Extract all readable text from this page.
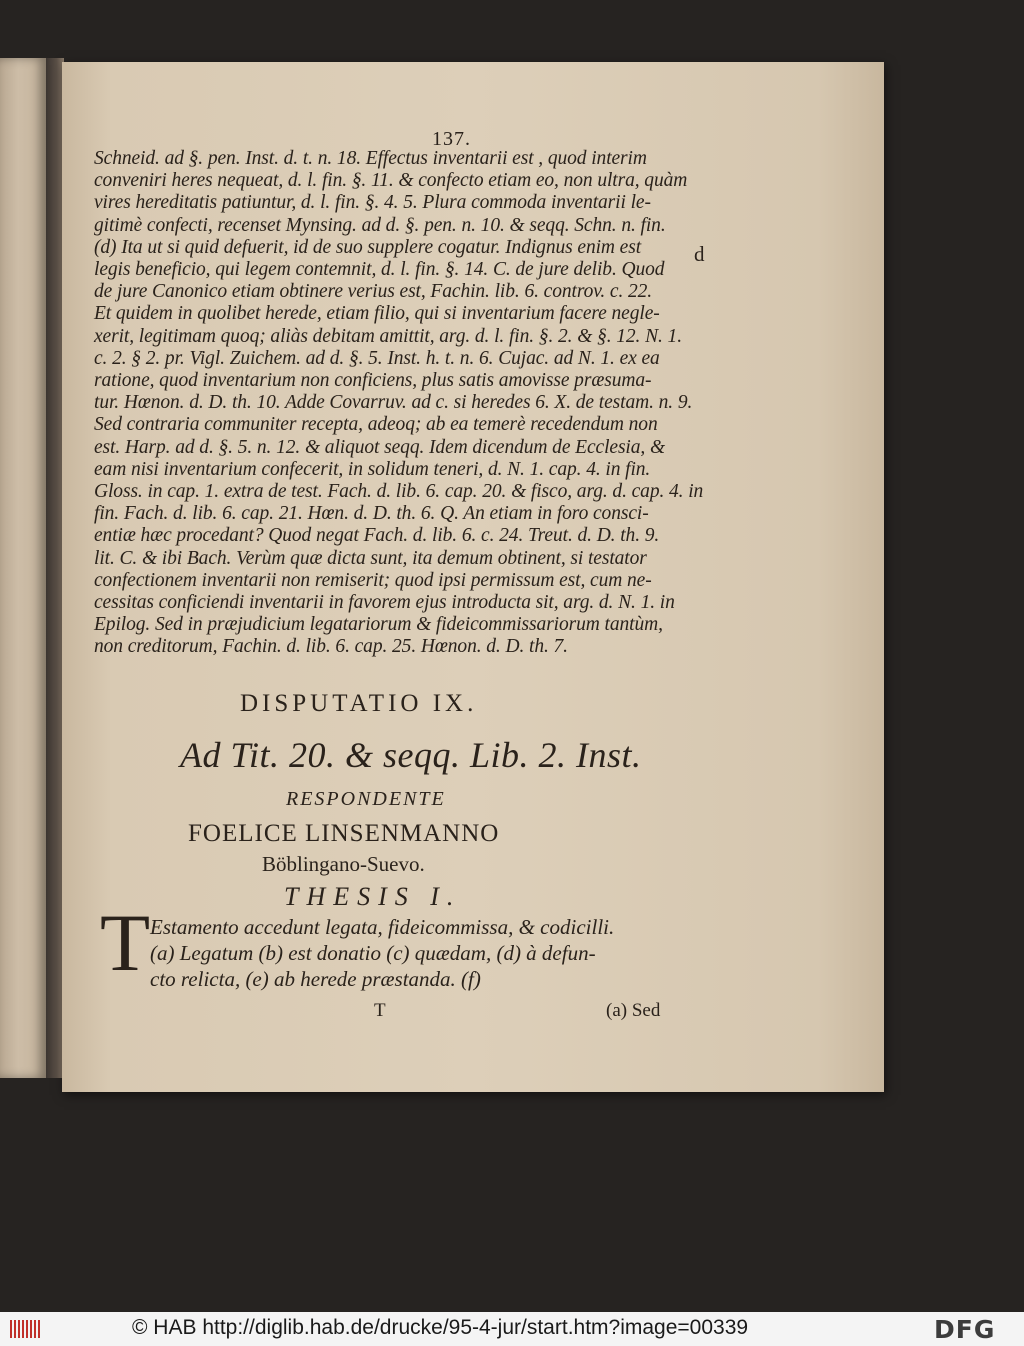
137.
Schneid. ad §. pen. Inst. d. t. n. 18. Effectus inventarii est , quod interim
conveniri heres nequeat, d. l. fin. §. 11. & confecto etiam eo, non ultra, quàm
vires hereditatis patiuntur, d. l. fin. §. 4. 5. Plura commoda inventarii le-
gitimè confecti, recenset Mynsing. ad d. §. pen. n. 10. & seqq. Schn. n. fin.
(d) Ita ut si quid defuerit, id de suo supplere cogatur. Indignus enim est
legis beneficio, qui legem contemnit, d. l. fin. §. 14. C. de jure delib. Quod
de jure Canonico etiam obtinere verius est, Fachin. lib. 6. controv. c. 22.
Et quidem in quolibet herede, etiam filio, qui si inventarium facere negle-
xerit, legitimam quoq; aliàs debitam amittit, arg. d. l. fin. §. 2. & §. 12. N. 1.
c. 2. § 2. pr. Vigl. Zuichem. ad d. §. 5. Inst. h. t. n. 6. Cujac. ad N. 1. ex ea
ratione, quod inventarium non conficiens, plus satis amovisse præsuma-
tur. Hœnon. d. D. th. 10. Adde Covarruv. ad c. si heredes 6. X. de testam. n. 9.
Sed contraria communiter recepta, adeoq; ab ea temerè recedendum non
est. Harp. ad d. §. 5. n. 12. & aliquot seqq. Idem dicendum de Ecclesia, &
eam nisi inventarium confecerit, in solidum teneri, d. N. 1. cap. 4. in fin.
Gloss. in cap. 1. extra de test. Fach. d. lib. 6. cap. 20. & fisco, arg. d. cap. 4. in
fin. Fach. d. lib. 6. cap. 21. Hœn. d. D. th. 6. Q. An etiam in foro consci-
entiæ hæc procedant? Quod negat Fach. d. lib. 6. c. 24. Treut. d. D. th. 9.
lit. C. & ibi Bach. Verùm quæ dicta sunt, ita demum obtinent, si testator
confectionem inventarii non remiserit; quod ipsi permissum est, cum ne-
cessitas conficiendi inventarii in favorem ejus introducta sit, arg. d. N. 1. in
Epilog. Sed in præjudicium legatariorum & fideicommissariorum tantùm,
non creditorum, Fachin. d. lib. 6. cap. 25. Hœnon. d. D. th. 7.
d
DISPUTATIO IX.
Ad Tit. 20. & seqq. Lib. 2. Inst.
RESPONDENTE
FOELICE LINSENMANNO
Böblingano-Suevo.
THESIS I.
T Estamento accedunt legata, fideicommissa, & codicilli.
(a) Legatum (b) est donatio (c) quædam, (d) à defun-
cto relicta, (e) ab herede præstanda. (f)
T	(a) Sed
© HAB http://diglib.hab.de/drucke/95-4-jur/start.htm?image=00339	DFG
